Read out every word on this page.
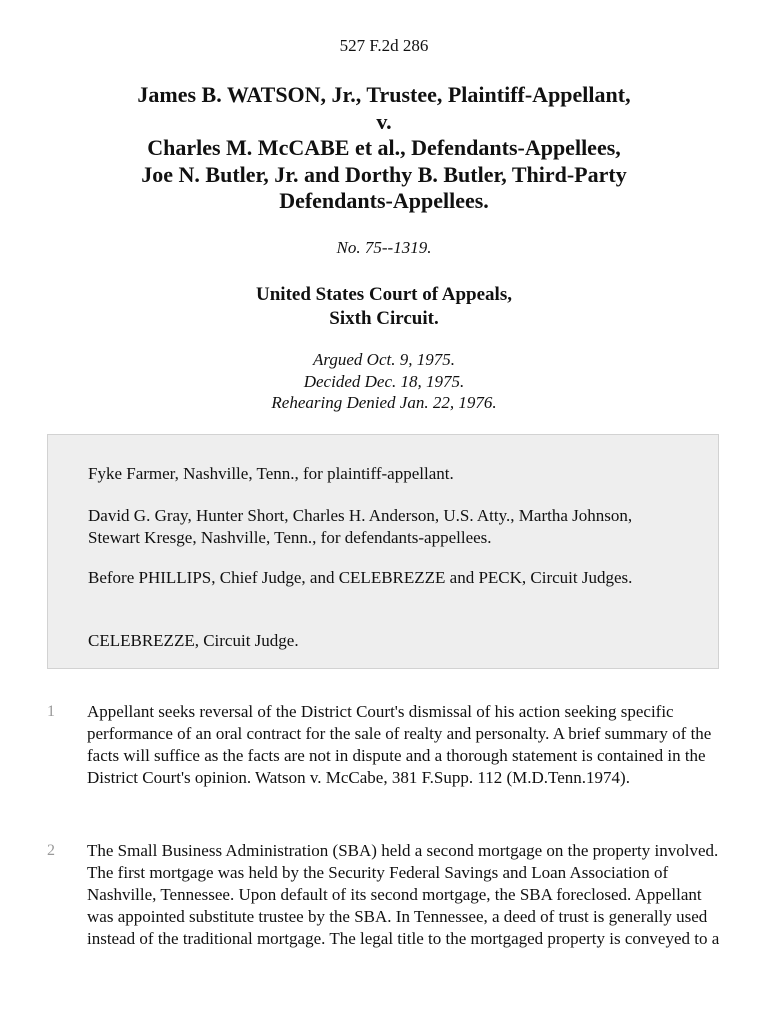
527 F.2d 286
James B. WATSON, Jr., Trustee, Plaintiff-Appellant,
v.
Charles M. McCABE et al., Defendants-Appellees,
Joe N. Butler, Jr. and Dorthy B. Butler, Third-Party
Defendants-Appellees.
No. 75--1319.
United States Court of Appeals,
Sixth Circuit.
Argued Oct. 9, 1975.
Decided Dec. 18, 1975.
Rehearing Denied Jan. 22, 1976.

Fyke Farmer, Nashville, Tenn., for plaintiff-appellant.

David G. Gray, Hunter Short, Charles H. Anderson, U.S. Atty., Martha Johnson, Stewart Kresge, Nashville, Tenn., for defendants-appellees.

Before PHILLIPS, Chief Judge, and CELEBREZZE and PECK, Circuit Judges.

CELEBREZZE, Circuit Judge.

1 Appellant seeks reversal of the District Court's dismissal of his action seeking specific performance of an oral contract for the sale of realty and personalty. A brief summary of the facts will suffice as the facts are not in dispute and a thorough statement is contained in the District Court's opinion. Watson v. McCabe, 381 F.Supp. 112 (M.D.Tenn.1974).

2 The Small Business Administration (SBA) held a second mortgage on the property involved. The first mortgage was held by the Security Federal Savings and Loan Association of Nashville, Tennessee. Upon default of its second mortgage, the SBA foreclosed. Appellant was appointed substitute trustee by the SBA. In Tennessee, a deed of trust is generally used instead of the traditional mortgage. The legal title to the mortgaged property is conveyed to a
